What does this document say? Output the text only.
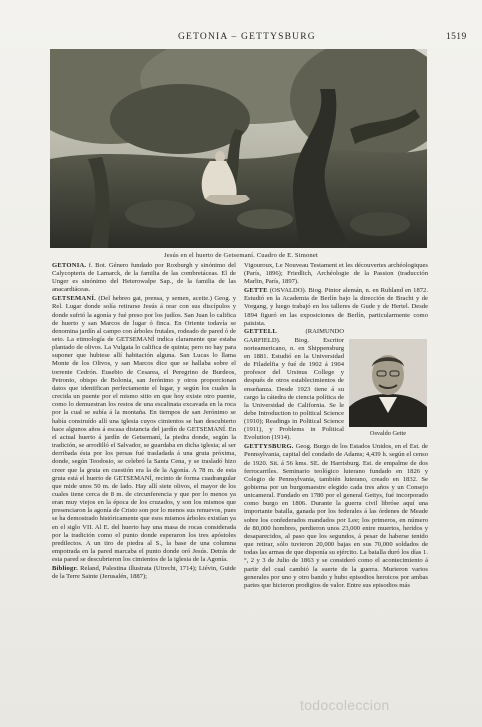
GETONIA – GETTYSBURG	1519
Jesús en el huerto de Getsemaní. Cuadro de E. Simonet

GETONIA. f. Bot. Género fundado por Roxburgh y sinónimo del Calycopteris de Lamarck, de la familia de las combretáceas. El de Unger es sinónimo del Heterowalpe Sap., de la familia de las anacardiáceas.

GETSEMANÍ. (Del hebreo gat, prensa, y semen, aceite.) Geog. y Rel. Lugar donde solía retirarse Jesús á orar con sus discípulos y donde sufrió la agonía y fué preso por los judíos. San Juan lo califica de huerto y san Marcos de lugar ó finca. En Oriente todavía se denomina jardín al campo con árboles frutales, rodeado de pared ó de seto. La etimología de GETSEMANÍ indica claramente que estaba plantado de olivos. La Vulgata lo califica de quinta; pero no hay para suponer que hubiese allí habitación alguna. San Lucas lo llama Monte de los Olivos, y san Marcos dice que se hallaba sobre el torrente Cedrón. Eusebio de Cesarea, el Peregrino de Burdeos, Petronio, obispo de Bolonia, san Jerónimo y otros proporcionan datos que identifican perfectamente el lugar, y según los cuales la crecida un puente por el mismo sitio en que hoy existe otro puente, como lo demuestran los restos de una escalinata excavada en la roca por la cual se subía á la montaña. En tiempos de san Jerónimo se había construído allí una iglesia cuyos cimientos se han descubierto hace algunos años á escasa distancia del jardín de GETSEMANÍ. En el actual huerto á jardín de Getsemaní, la piedra donde, según la tradición, se arrodilló el Salvador, se guardaba en dicha iglesia; al ser derribada ésta por los persas fué trasladada á una gruta próxima, donde, según Teodosio, se celebró la Santa Cena, y se trasladó hizo creer que la gruta en cuestión era la de la Agonía. A 78 m. de esta gruta está el huerto de GETSEMANÍ, recinto de forma cuadrangular que mide unos 50 m. de lado. Hay allí siete olivos, el mayor de los cuales tiene cerca de 8 m. de circunferencia y que por lo menos ya eran muy viejos en la época de los cruzados, y son los mismos que presenciaron la agonía de Cristo son por lo menos sus renuevos, pues se ha demostrado históricamente que esos mismos árboles existían ya en el siglo VII. Al E. del huerto hay una masa de rocas considerada por la tradición como el punto donde esperaron los tres apóstoles predilectos. A un tiro de piedra al S., la base de una columna empotrada en la pared marcaba el punto donde oró Jesús. Detrás de esta pared se descubrieron los cimientos de la iglesia de la Agonía.

Bibliogr. Reland, Palestina illustrata (Utrecht, 1714); Liévin, Guide de la Terre Sainte (Jerusalén, 1887);

Vigouroux, Le Nouveau Testament et les découvertes archéologiques (París, 1896); Friedlich, Archéologie de la Passion (traducción Marlin, París, 1897).

GETTE (OSVALDO). Biog. Pintor alemán, n. en Ruhland en 1872. Estudió en la Academia de Berlín bajo la dirección de Bracht y de Vorgang, y luego trabajó en los talleres de Gude y de Hertel. Desde 1894 figuró en las exposiciones de Berlín, particularmente como paisista.

GETTELL (RAIMUNDO GARFIELD). Biog. Escritor norteamericano, n. en Shippensburg en 1881. Estudió en la Universidad de Filadelfia y fué de 1902 á 1904 profesor del Ursinus College y después de otros establecimientos de enseñanza. Desde 1923 tiene á su cargo la cátedra de ciencia política de la Universidad de California. Se le debe Introduction to political Science (1910); Readings in Political Science (1911), y Problems in Political Evolution (1914).

GETTYSBURG. Geog. Burgo de los Estados Unidos, en el Est. de Pennsylvania, capital del condado de Adams; 4,439 h. según el censo de 1920. Sit. á 56 kms. SE. de Harrisburg. Est. de empalme de dos ferrocarriles. Seminario teológico luterano fundado en 1826 y Colegio de Pennsylvania, también luterano, creado en 1832. Se gobierna por un burgomaestre elegido cada tres años y un Consejo unicameral. Fundado en 1780 por el general Gettys, fué incorporado como burgo en 1806. Durante la guerra civil libróse aquí una importante batalla, ganada por los federales á las órdenes de Meade sobre los confederados mandados por Lee; los primeros, en número de 80,000 hombres, perdieron unos 23,000 entre muertos, heridos y desaparecidos, al paso que los segundos, á pesar de haberse tenido que retirar, sólo tuvieron 20,000 bajas en sus 70,000 soldados de todas las armas de que disponía su ejército. La batalla duró los días 1.°, 2 y 3 de Julio de 1863 y se consideró como el acontecimiento á partir del cual cambió la suerte de la guerra. Murieron varios generales por uno y otro bando y hubo episodios heroicos por ambas partes que hicieron prodigios de valor. Entre sus episodios más

Osvaldo Gette
todocoleccion
